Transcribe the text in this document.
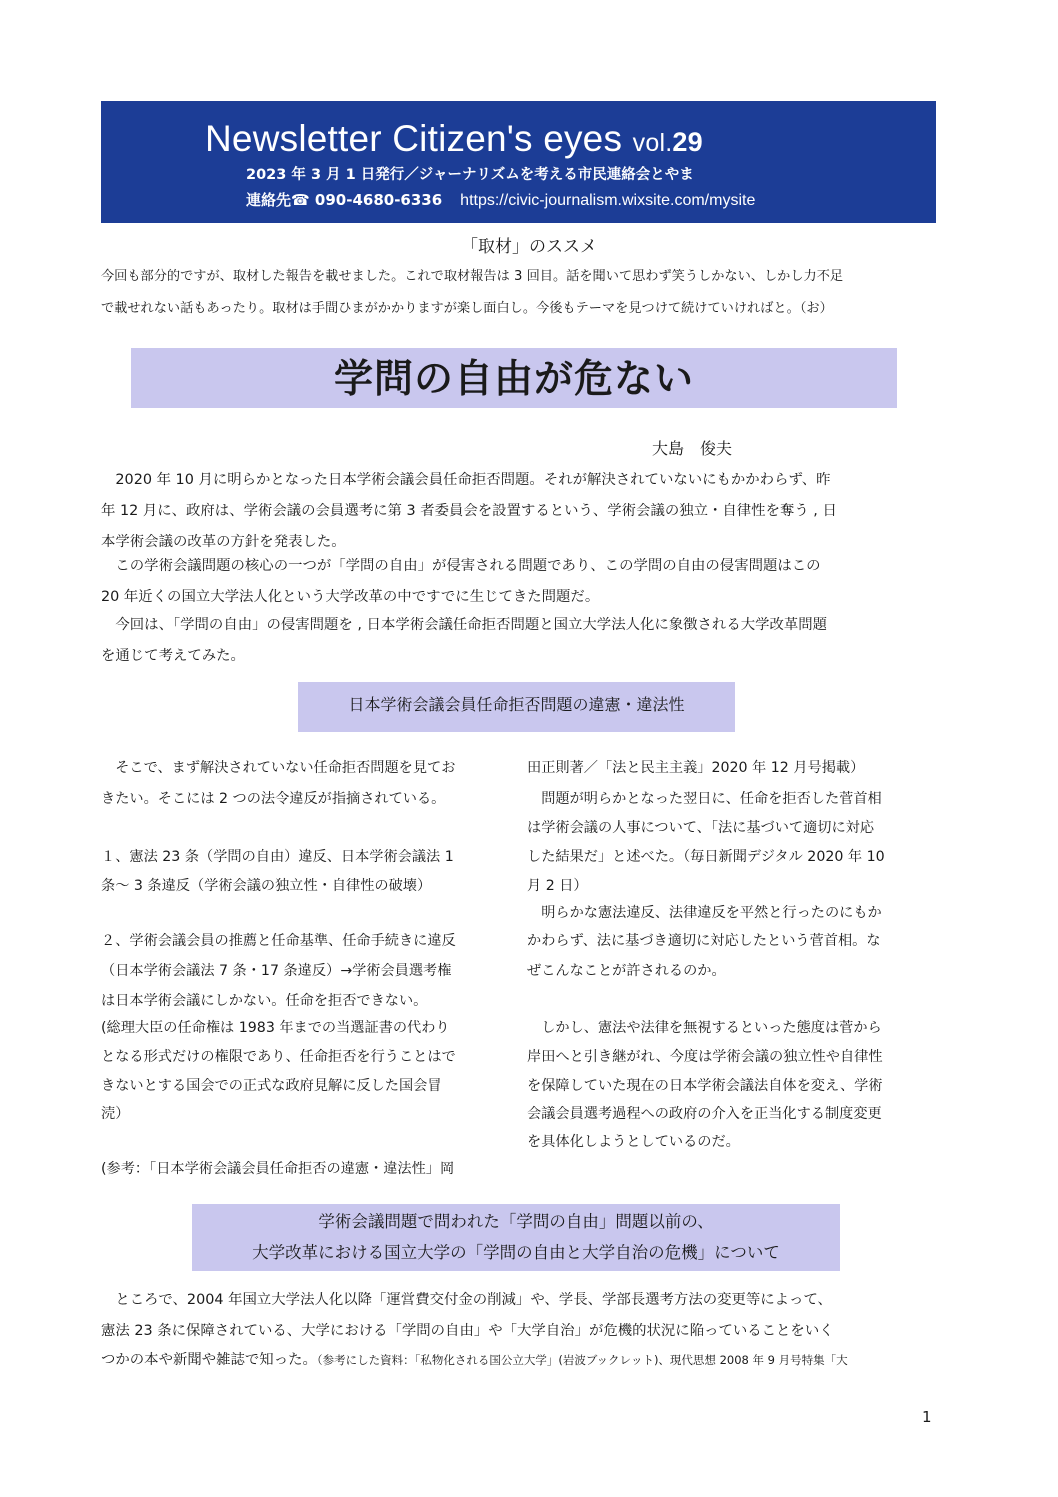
Newsletter Citizen's eyes vol.29
2023 年 3 月 1 日発行／ジャーナリズムを考える市民連絡会とやま
連絡先☎ 090-4680-6336 https://civic-journalism.wixsite.com/mysite
「取材」のススメ
今回も部分的ですが、取材した報告を載せました。これで取材報告は 3 回目。話を聞いて思わず笑うしかない、しかし力不足
で載せれない話もあったり。取材は手間ひまがかかりますが楽し面白し。今後もテーマを見つけて続けていければと。（お）
学問の自由が危ない
大島　俊夫
　2020 年 10 月に明らかとなった日本学術会議会員任命拒否問題。それが解決されていないにもかかわらず、昨
年 12 月に、政府は、学術会議の会員選考に第 3 者委員会を設置するという、学術会議の独立・自律性を奪う , 日
本学術会議の改革の方針を発表した。
　この学術会議問題の核心の一つが「学問の自由」が侵害される問題であり、この学問の自由の侵害問題はこの
20 年近くの国立大学法人化という大学改革の中ですでに生じてきた問題だ。
　今回は、「学問の自由」の侵害問題を , 日本学術会議任命拒否問題と国立大学法人化に象徴される大学改革問題
を通じて考えてみた。
日本学術会議会員任命拒否問題の違憲・違法性
　そこで、まず解決されていない任命拒否問題を見てお
きたい。そこには 2 つの法令違反が指摘されている。
１、憲法 23 条（学問の自由）違反、日本学術会議法 1
条～ 3 条違反（学術会議の独立性・自律性の破壊）
２、学術会議会員の推薦と任命基準、任命手続きに違反
（日本学術会議法 7 条・17 条違反）→学術会員選考権
は日本学術会議にしかない。任命を拒否できない。
(総理大臣の任命権は 1983 年までの当選証書の代わり
となる形式だけの権限であり、任命拒否を行うことはで
きないとする国会での正式な政府見解に反した国会冒
涜）
(参考：｢日本学術会議会員任命拒否の違憲・違法性」岡
田正則著／「法と民主主義」2020 年 12 月号掲載）
　問題が明らかとなった翌日に、任命を拒否した菅首相
は学術会議の人事について、｢法に基づいて適切に対応
した結果だ」と述べた。（毎日新聞デジタル 2020 年 10
月 2 日）
　明らかな憲法違反、法律違反を平然と行ったのにもか
かわらず、法に基づき適切に対応したという菅首相。な
ぜこんなことが許されるのか。
　しかし、憲法や法律を無視するといった態度は菅から
岸田へと引き継がれ、今度は学術会議の独立性や自律性
を保障していた現在の日本学術会議法自体を変え、学術
会議会員選考過程への政府の介入を正当化する制度変更
を具体化しようとしているのだ。
学術会議問題で問われた「学問の自由」問題以前の、
大学改革における国立大学の「学問の自由と大学自治の危機」について
　ところで、2004 年国立大学法人化以降「運営費交付金の削減」や、学長、学部長選考方法の変更等によって、
憲法 23 条に保障されている、大学における「学問の自由」や「大学自治」が危機的状況に陥っていることをいく
つかの本や新聞や雑誌で知った。（参考にした資料：｢私物化される国公立大学」(岩波ブックレット)、現代思想 2008 年 9 月号特集「大
1
